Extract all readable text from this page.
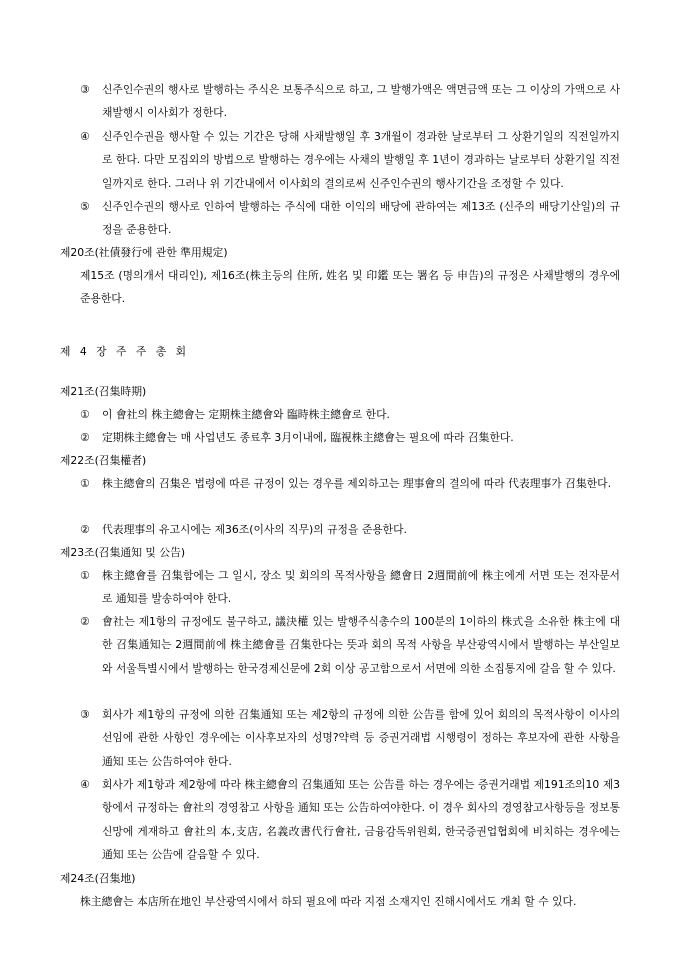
③	신주인수권의 행사로 발행하는 주식은 보통주식으로 하고, 그 발행가액은 액면금액 또는 그 이상의 가액으로 사채발행시 이사회가 정한다.
④	신주인수권을 행사할 수 있는 기간은 당해 사채발행일 후 3개월이 경과한 날로부터 그 상환기일의 직전일까지로 한다. 다만 모집외의 방법으로 발행하는 경우에는 사채의 발행일 후 1년이 경과하는 날로부터 상환기일 직전일까지로 한다. 그러나 위 기간내에서 이사회의 결의로써 신주인수권의 행사기간을 조정할 수 있다.
⑤	신주인수권의 행사로 인하여 발행하는 주식에 대한 이익의 배당에 관하여는 제13조 (신주의 배당기산일)의 규정을 준용한다.
제20조(社債發行에 관한 準用規定)
제15조 (명의개서 대리인), 제16조(株主등의 住所, 姓名 및 印鑑 또는 署名 등 申告)의 규정은 사채발행의 경우에 준용한다.
제 4 장 주 주 총 회
제21조(召集時期)
①	이 會社의 株主總會는 定期株主總會와 臨時株主總會로 한다.
②	定期株主總會는 매 사업년도 종료후 3月이내에, 臨視株主總會는 필요에 따라 召集한다.
제22조(召集權者)
①	株主總會의 召集은 법령에 따른 규정이 있는 경우를 제외하고는 理事會의 결의에 따라 代表理事가 召集한다.
②	代表理事의 유고시에는 제36조(이사의 직무)의 규정을 준용한다.
제23조(召集通知 및 公告)
①	株主總會를 召集함에는 그 일시, 장소 및 회의의 목적사항을 總會日 2週間前에 株主에게 서면 또는 전자문서로 通知를 발송하여야 한다.
②	會社는 제1항의 규정에도 불구하고, 議決權 있는 발행주식총수의 100분의 1이하의 株式을 소유한 株主에 대한 召集通知는 2週間前에 株主總會를 召集한다는 뜻과 회의 목적 사항을 부산광역시에서 발행하는 부산일보와 서울특별시에서 발행하는 한국경제신문에 2회 이상 공고함으로서 서면에 의한 소집통지에 갈음 할 수 있다.
③	회사가 제1항의 규정에 의한 召集通知 또는 제2항의 규정에 의한 公告를 함에 있어 회의의 목적사항이 이사의 선임에 관한 사항인 경우에는 이사후보자의 성명?약력 등 증권거래법 시행령이 정하는 후보자에 관한 사항을 通知 또는 公告하여야 한다.
④	회사가 제1항과 제2항에 따라 株主總會의 召集通知 또는 公告를 하는 경우에는 증권거래법 제191조의10 제3항에서 규정하는 會社의 경영참고 사항을 通知 또는 公告하여야한다. 이 경우 회사의 경영참고사항등을 정보통신망에 게재하고 會社의 本,支店, 名義改書代行會社, 금융감독위원회, 한국증권업협회에 비치하는 경우에는 通知 또는 公告에 갈음할 수 있다.
제24조(召集地)
株主總會는 本店所在地인 부산광역시에서 하되 필요에 따라 지점 소재지인 진해시에서도 개최 할 수 있다.
